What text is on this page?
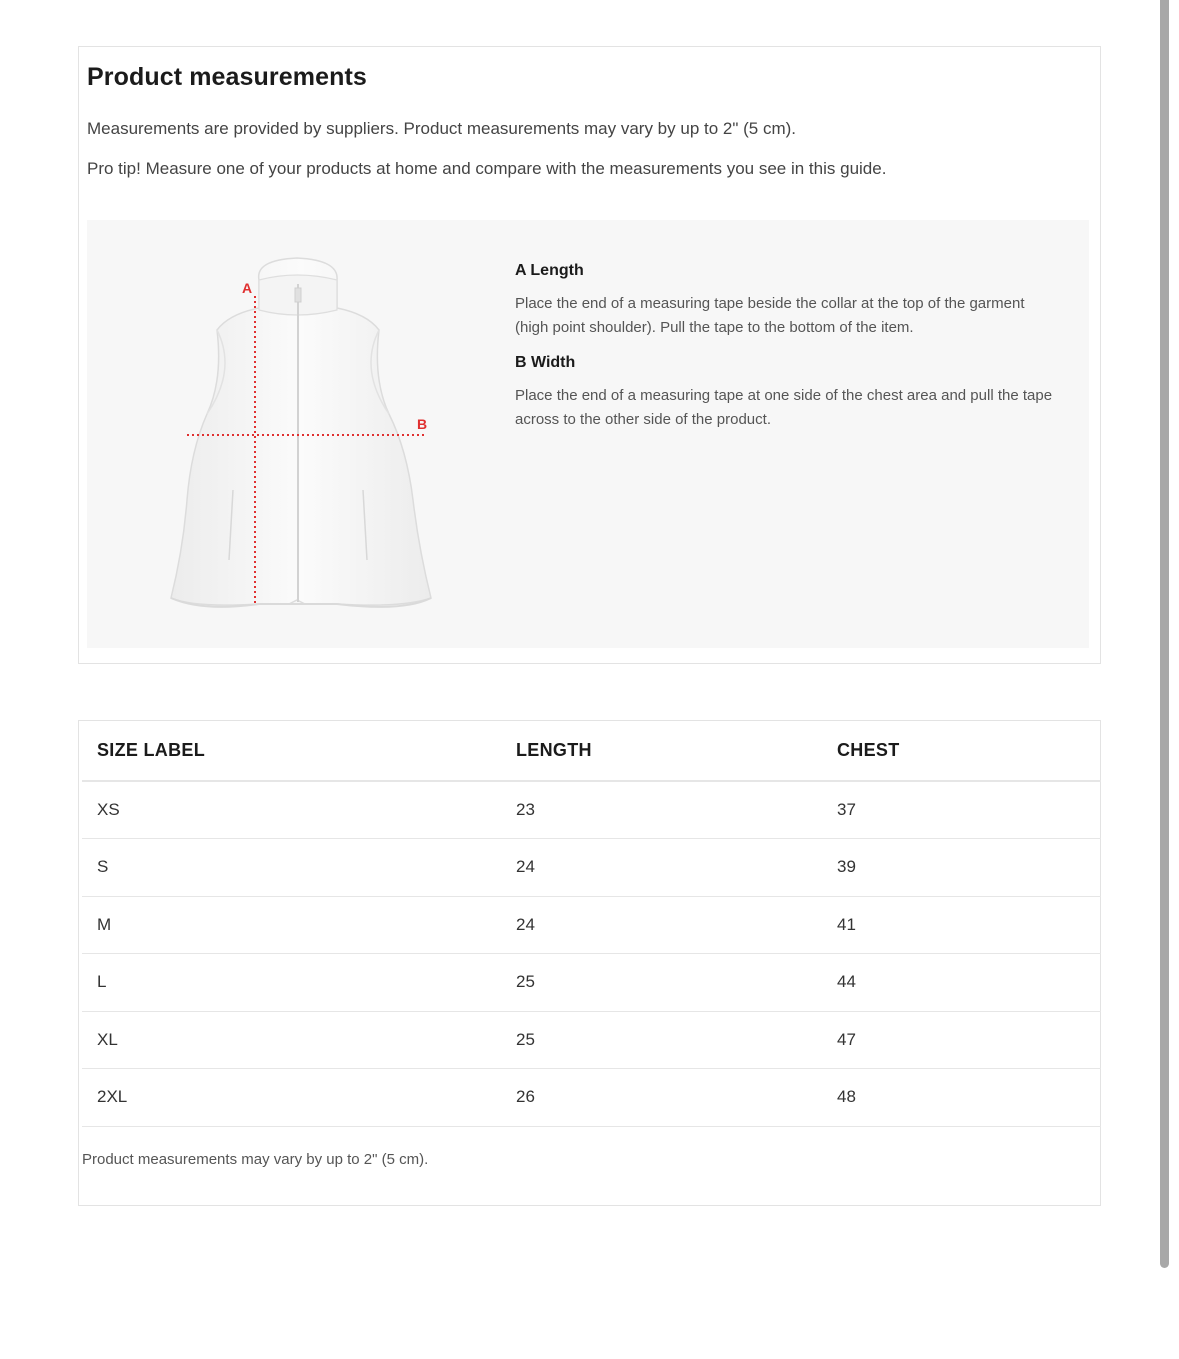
Product measurements

Measurements are provided by suppliers. Product measurements may vary by up to 2" (5 cm).

Pro tip! Measure one of your products at home and compare with the measurements you see in this guide.

A
B
A Length

Place the end of a measuring tape beside the collar at the top of the garment (high point shoulder). Pull the tape to the bottom of the item.

B Width

Place the end of a measuring tape at one side of the chest area and pull the tape across to the other side of the product.

SIZE LABEL	LENGTH	CHEST
XS	23	37
S	24	39
M	24	41
L	25	44
XL	25	47
2XL	26	48

Product measurements may vary by up to 2" (5 cm).
